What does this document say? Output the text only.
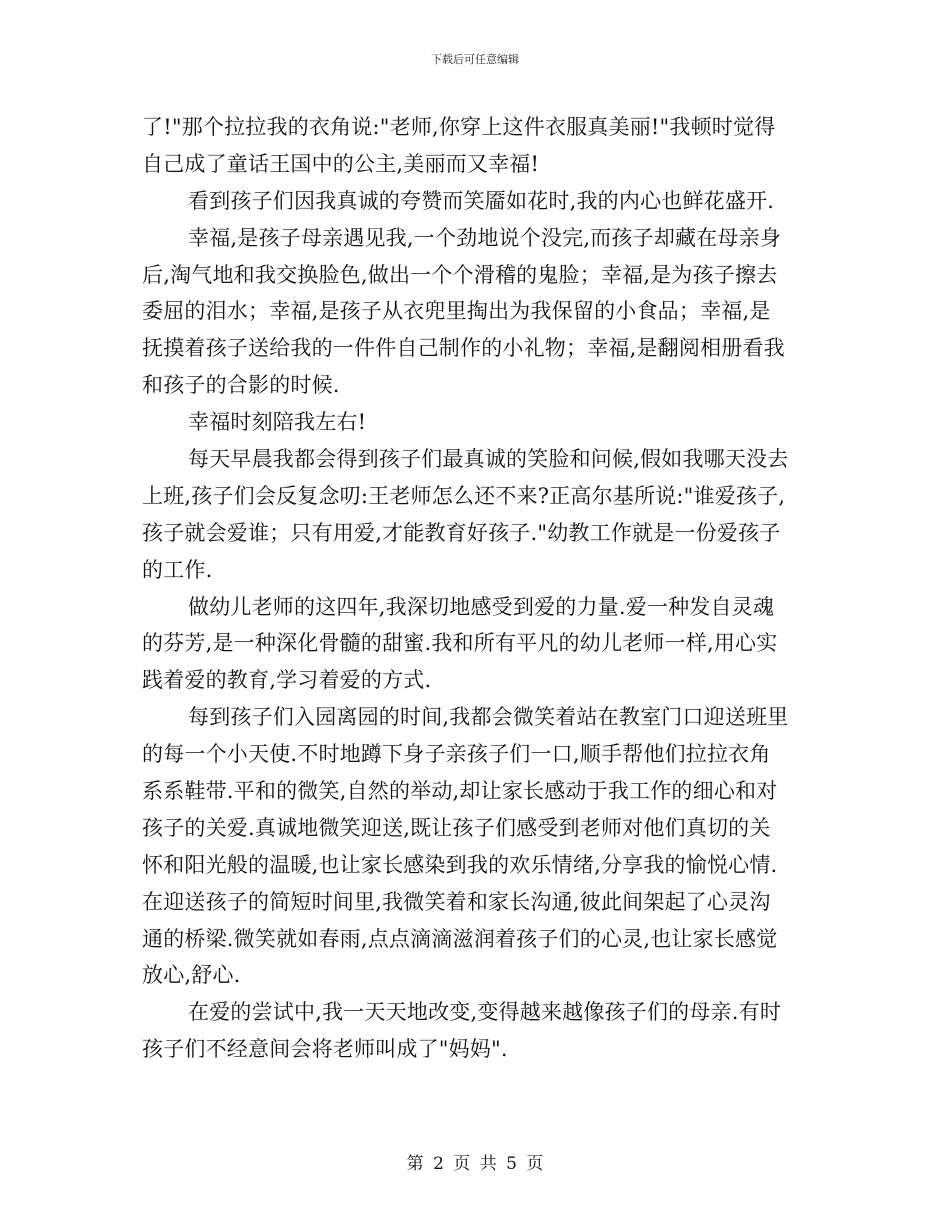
下载后可任意编辑
了!"那个拉拉我的衣角说:"老师,你穿上这件衣服真美丽!"我顿时觉得
自己成了童话王国中的公主,美丽而又幸福!
看到孩子们因我真诚的夸赞而笑靥如花时,我的内心也鲜花盛开.
幸福,是孩子母亲遇见我,一个劲地说个没完,而孩子却藏在母亲身
后,淘气地和我交换脸色,做出一个个滑稽的鬼脸；幸福,是为孩子擦去
委屈的泪水；幸福,是孩子从衣兜里掏出为我保留的小食品；幸福,是
抚摸着孩子送给我的一件件自己制作的小礼物；幸福,是翻阅相册看我
和孩子的合影的时候.
幸福时刻陪我左右!
每天早晨我都会得到孩子们最真诚的笑脸和问候,假如我哪天没去
上班,孩子们会反复念叨:王老师怎么还不来?正高尔基所说:"谁爱孩子,
孩子就会爱谁；只有用爱,才能教育好孩子."幼教工作就是一份爱孩子
的工作.
做幼儿老师的这四年,我深切地感受到爱的力量.爱一种发自灵魂
的芬芳,是一种深化骨髓的甜蜜.我和所有平凡的幼儿老师一样,用心实
践着爱的教育,学习着爱的方式.
每到孩子们入园离园的时间,我都会微笑着站在教室门口迎送班里
的每一个小天使.不时地蹲下身子亲孩子们一口,顺手帮他们拉拉衣角
系系鞋带.平和的微笑,自然的举动,却让家长感动于我工作的细心和对
孩子的关爱.真诚地微笑迎送,既让孩子们感受到老师对他们真切的关
怀和阳光般的温暖,也让家长感染到我的欢乐情绪,分享我的愉悦心情.
在迎送孩子的简短时间里,我微笑着和家长沟通,彼此间架起了心灵沟
通的桥梁.微笑就如春雨,点点滴滴滋润着孩子们的心灵,也让家长感觉
放心,舒心.
在爱的尝试中,我一天天地改变,变得越来越像孩子们的母亲.有时
孩子们不经意间会将老师叫成了"妈妈".
第 2 页 共 5 页
